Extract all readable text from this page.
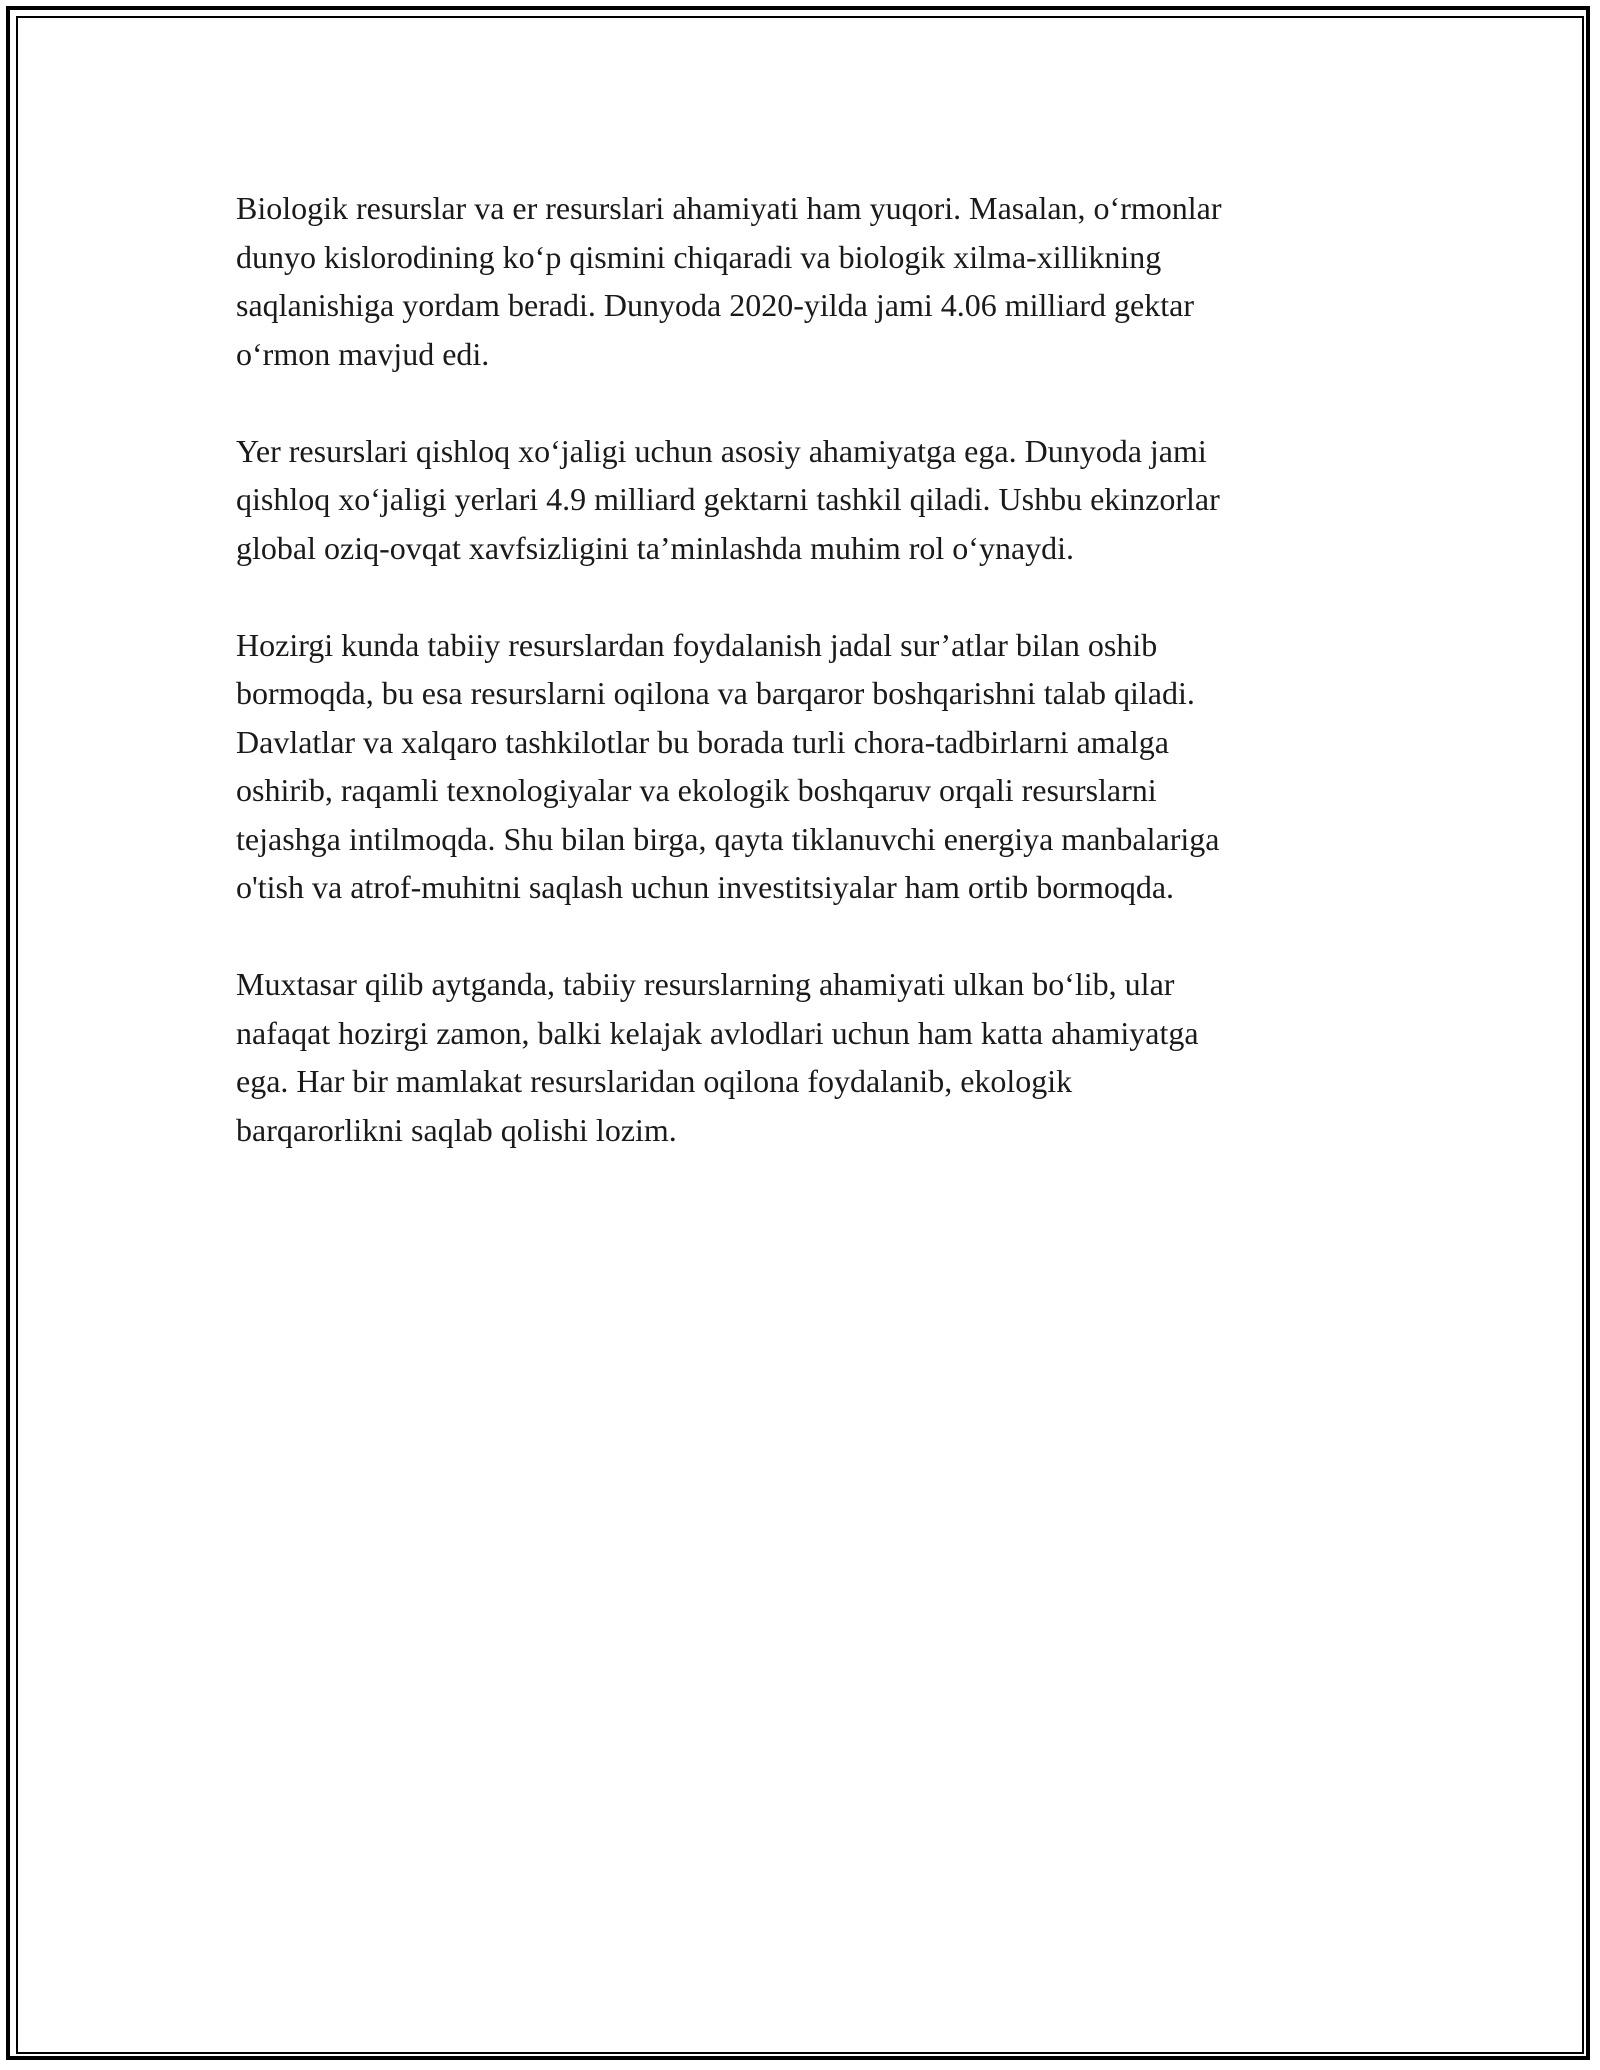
Biologik resurslar va er resurslari ahamiyati ham yuqori. Masalan, o‘rmonlar
dunyo kislorodining ko‘p qismini chiqaradi va biologik xilma-xillikning
saqlanishiga yordam beradi. Dunyoda 2020-yilda jami 4.06 milliard gektar
o‘rmon mavjud edi.

Yer resurslari qishloq xo‘jaligi uchun asosiy ahamiyatga ega. Dunyoda jami
qishloq xo‘jaligi yerlari 4.9 milliard gektarni tashkil qiladi. Ushbu ekinzorlar
global oziq-ovqat xavfsizligini ta’minlashda muhim rol o‘ynaydi.

Hozirgi kunda tabiiy resurslardan foydalanish jadal sur’atlar bilan oshib
bormoqda, bu esa resurslarni oqilona va barqaror boshqarishni talab qiladi.
Davlatlar va xalqaro tashkilotlar bu borada turli chora-tadbirlarni amalga
oshirib, raqamli texnologiyalar va ekologik boshqaruv orqali resurslarni
tejashga intilmoqda. Shu bilan birga, qayta tiklanuvchi energiya manbalariga
o'tish va atrof-muhitni saqlash uchun investitsiyalar ham ortib bormoqda.

Muxtasar qilib aytganda, tabiiy resurslarning ahamiyati ulkan bo‘lib, ular
nafaqat hozirgi zamon, balki kelajak avlodlari uchun ham katta ahamiyatga
ega. Har bir mamlakat resurslaridan oqilona foydalanib, ekologik
barqarorlikni saqlab qolishi lozim.
